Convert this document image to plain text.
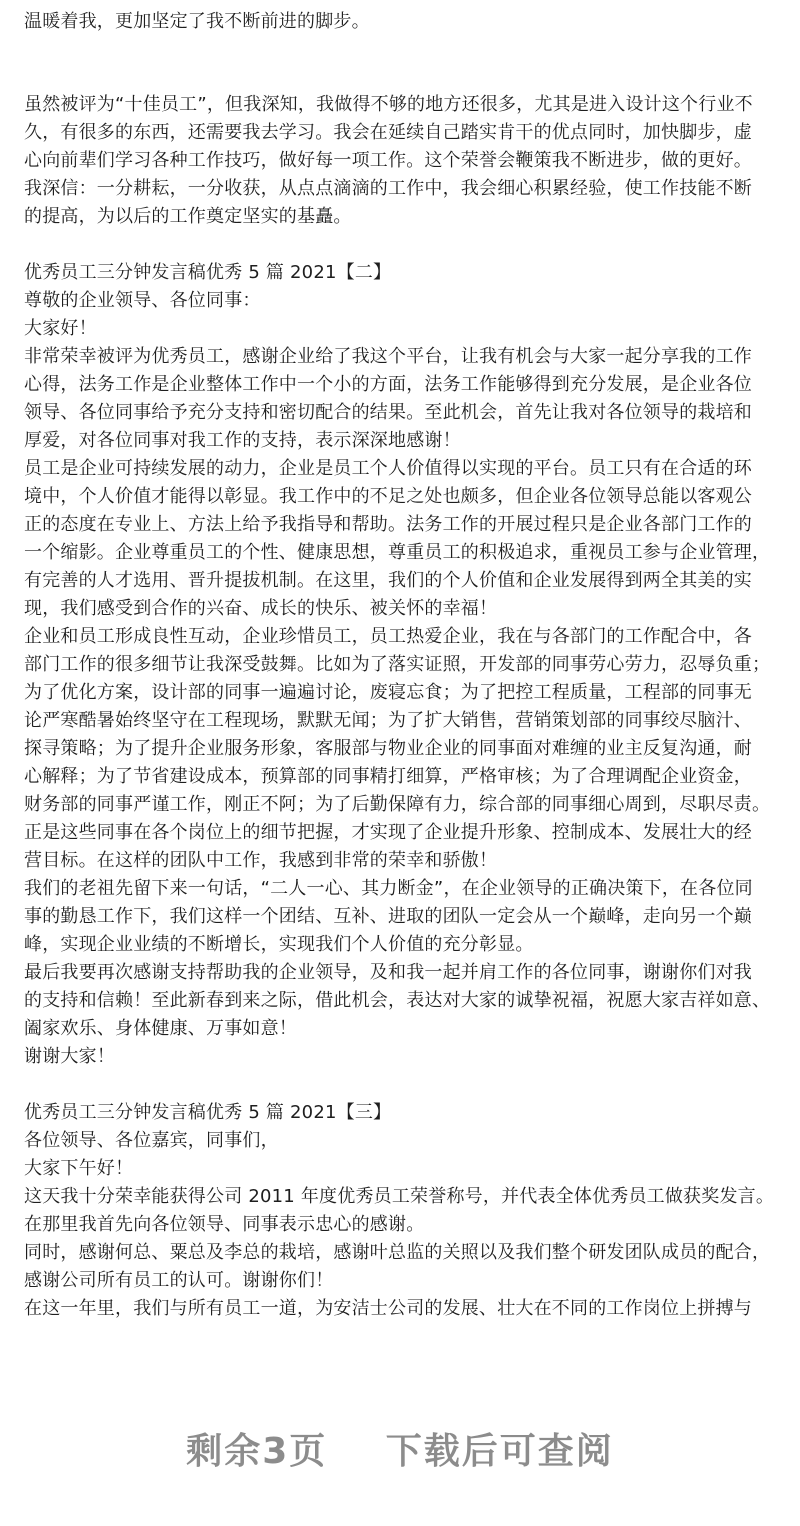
温暖着我，更加坚定了我不断前进的脚步。
虽然被评为“十佳员工”，但我深知，我做得不够的地方还很多，尤其是进入设计这个行业不
久，有很多的东西，还需要我去学习。我会在延续自己踏实肯干的优点同时，加快脚步，虚
心向前辈们学习各种工作技巧，做好每一项工作。这个荣誉会鞭策我不断进步，做的更好。
我深信：一分耕耘，一分收获，从点点滴滴的工作中，我会细心积累经验，使工作技能不断
的提高，为以后的工作奠定坚实的基矗。
优秀员工三分钟发言稿优秀 5 篇 2021【二】
尊敬的企业领导、各位同事：
大家好！
非常荣幸被评为优秀员工，感谢企业给了我这个平台，让我有机会与大家一起分享我的工作
心得，法务工作是企业整体工作中一个小的方面，法务工作能够得到充分发展，是企业各位
领导、各位同事给予充分支持和密切配合的结果。至此机会，首先让我对各位领导的栽培和
厚爱，对各位同事对我工作的支持，表示深深地感谢！
员工是企业可持续发展的动力，企业是员工个人价值得以实现的平台。员工只有在合适的环
境中，个人价值才能得以彰显。我工作中的不足之处也颇多，但企业各位领导总能以客观公
正的态度在专业上、方法上给予我指导和帮助。法务工作的开展过程只是企业各部门工作的
一个缩影。企业尊重员工的个性、健康思想，尊重员工的积极追求，重视员工参与企业管理，
有完善的人才选用、晋升提拔机制。在这里，我们的个人价值和企业发展得到两全其美的实
现，我们感受到合作的兴奋、成长的快乐、被关怀的幸福！
企业和员工形成良性互动，企业珍惜员工，员工热爱企业，我在与各部门的工作配合中，各
部门工作的很多细节让我深受鼓舞。比如为了落实证照，开发部的同事劳心劳力，忍辱负重；
为了优化方案，设计部的同事一遍遍讨论，废寝忘食；为了把控工程质量，工程部的同事无
论严寒酷暑始终坚守在工程现场，默默无闻；为了扩大销售，营销策划部的同事绞尽脑汁、
探寻策略；为了提升企业服务形象，客服部与物业企业的同事面对难缠的业主反复沟通，耐
心解释；为了节省建设成本，预算部的同事精打细算，严格审核；为了合理调配企业资金，
财务部的同事严谨工作，刚正不阿；为了后勤保障有力，综合部的同事细心周到，尽职尽责。
正是这些同事在各个岗位上的细节把握，才实现了企业提升形象、控制成本、发展壮大的经
营目标。在这样的团队中工作，我感到非常的荣幸和骄傲！
我们的老祖先留下来一句话，“二人一心、其力断金”，在企业领导的正确决策下，在各位同
事的勤恳工作下，我们这样一个团结、互补、进取的团队一定会从一个巅峰，走向另一个巅
峰，实现企业业绩的不断增长，实现我们个人价值的充分彰显。
最后我要再次感谢支持帮助我的企业领导，及和我一起并肩工作的各位同事，谢谢你们对我
的支持和信赖！至此新春到来之际，借此机会，表达对大家的诚挚祝福，祝愿大家吉祥如意、
阖家欢乐、身体健康、万事如意！
谢谢大家！
优秀员工三分钟发言稿优秀 5 篇 2021【三】
各位领导、各位嘉宾，同事们，
大家下午好！
这天我十分荣幸能获得公司 2011 年度优秀员工荣誉称号，并代表全体优秀员工做获奖发言。
在那里我首先向各位领导、同事表示忠心的感谢。
同时，感谢何总、粟总及李总的栽培，感谢叶总监的关照以及我们整个研发团队成员的配合，
感谢公司所有员工的认可。谢谢你们！
在这一年里，我们与所有员工一道，为安洁士公司的发展、壮大在不同的工作岗位上拼搏与
剩余3页 下载后可查阅
